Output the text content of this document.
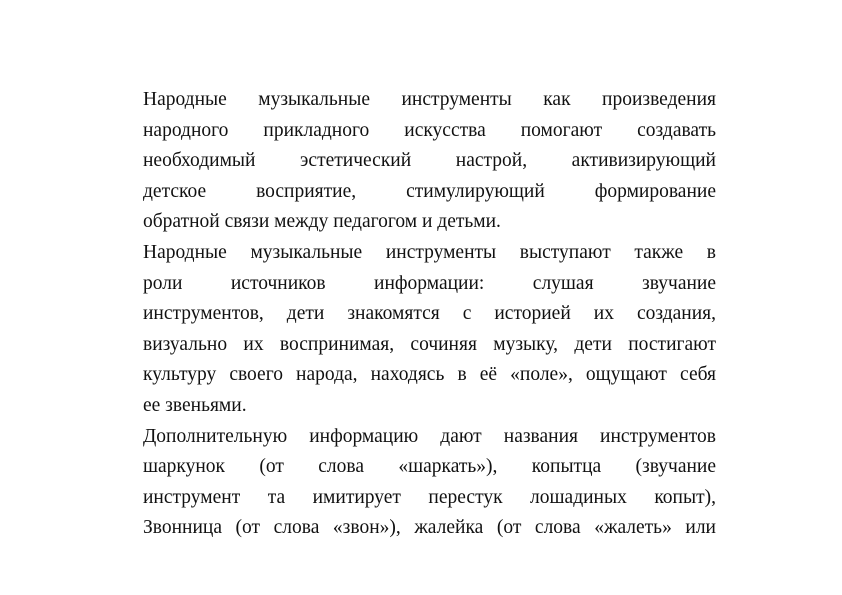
Народные музыкальные инструменты как произведения
народного прикладного искусства помогают создавать
необходимый эстетический настрой, активизирующий
детское восприятие, стимулирующий формирование
обратной связи между педагогом и детьми.
Народные музыкальные инструменты выступают также в
роли источников информации: слушая звучание
инструментов, дети знакомятся с историей их создания,
визуально их воспринимая, сочиняя музыку, дети постигают
культуру своего народа, находясь в её «поле», ощущают себя
ее звеньями.
Дополнительную информацию дают названия инструментов
шаркунок (от слова «шаркать»), копытца (звучание
инструмент та имитирует перестук лошадиных копыт),
Звонница (от слова «звон»), жалейка (от слова «жалеть» или
